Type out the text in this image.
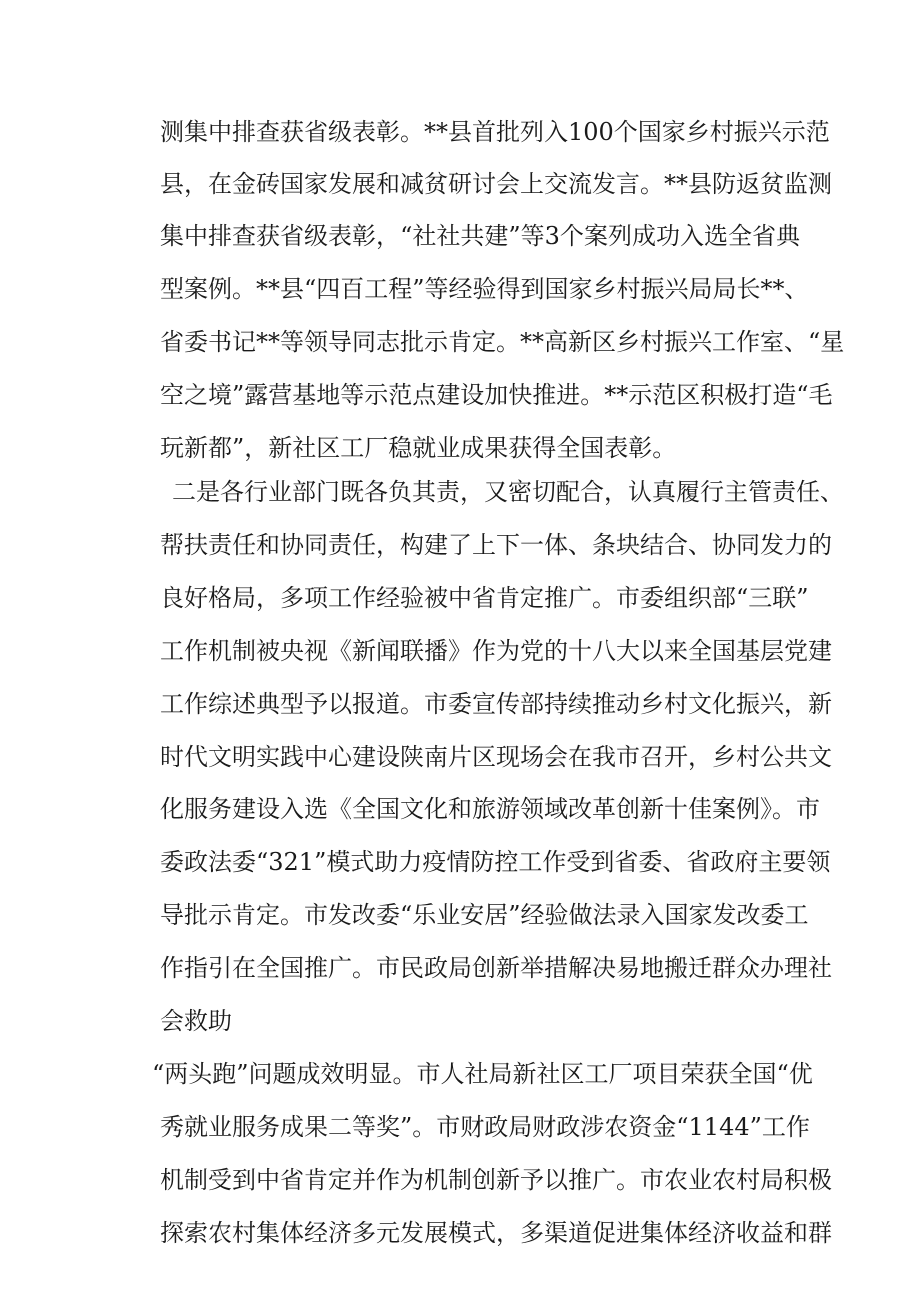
测集中排查获省级表彰。**县首批列入100个国家乡村振兴示范
县，在金砖国家发展和减贫研讨会上交流发言。**县防返贫监测
集中排查获省级表彰，“社社共建”等3个案列成功入选全省典
型案例。**县“四百工程”等经验得到国家乡村振兴局局长**、
省委书记**等领导同志批示肯定。**高新区乡村振兴工作室、“星
空之境”露营基地等示范点建设加快推进。**示范区积极打造“毛
玩新都”，新社区工厂稳就业成果获得全国表彰。
二是各行业部门既各负其责，又密切配合，认真履行主管责任、
帮扶责任和协同责任，构建了上下一体、条块结合、协同发力的
良好格局，多项工作经验被中省肯定推广。市委组织部“三联”
工作机制被央视《新闻联播》作为党的十八大以来全国基层党建
工作综述典型予以报道。市委宣传部持续推动乡村文化振兴，新
时代文明实践中心建设陕南片区现场会在我市召开，乡村公共文
化服务建设入选《全国文化和旅游领域改革创新十佳案例》。市
委政法委“321”模式助力疫情防控工作受到省委、省政府主要领
导批示肯定。市发改委“乐业安居”经验做法录入国家发改委工
作指引在全国推广。市民政局创新举措解决易地搬迁群众办理社
会救助
“两头跑”问题成效明显。市人社局新社区工厂项目荣获全国“优
秀就业服务成果二等奖”。市财政局财政涉农资金“1144”工作
机制受到中省肯定并作为机制创新予以推广。市农业农村局积极
探索农村集体经济多元发展模式，多渠道促进集体经济收益和群
